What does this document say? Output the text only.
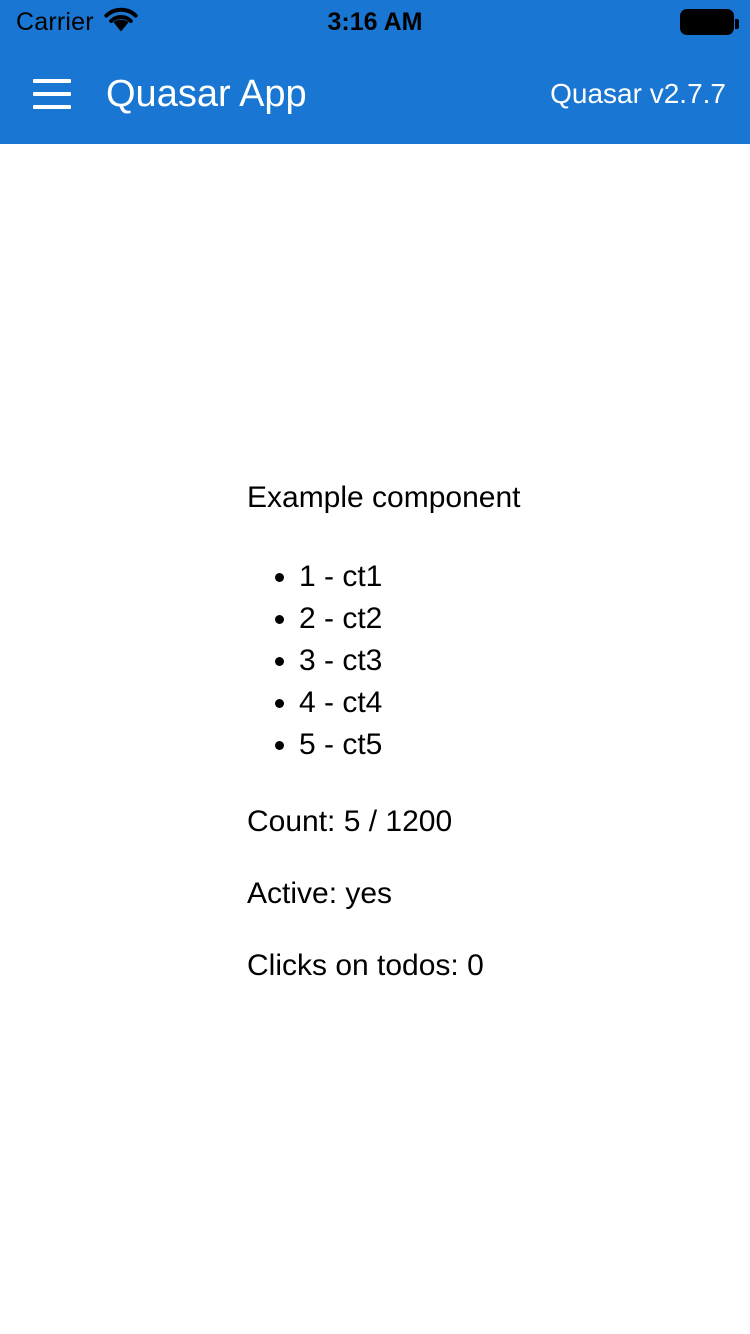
Carrier	3:16 AM
Quasar App	Quasar v2.7.7
Example component
• 1 - ct1
• 2 - ct2
• 3 - ct3
• 4 - ct4
• 5 - ct5
Count: 5 / 1200
Active: yes
Clicks on todos: 0
